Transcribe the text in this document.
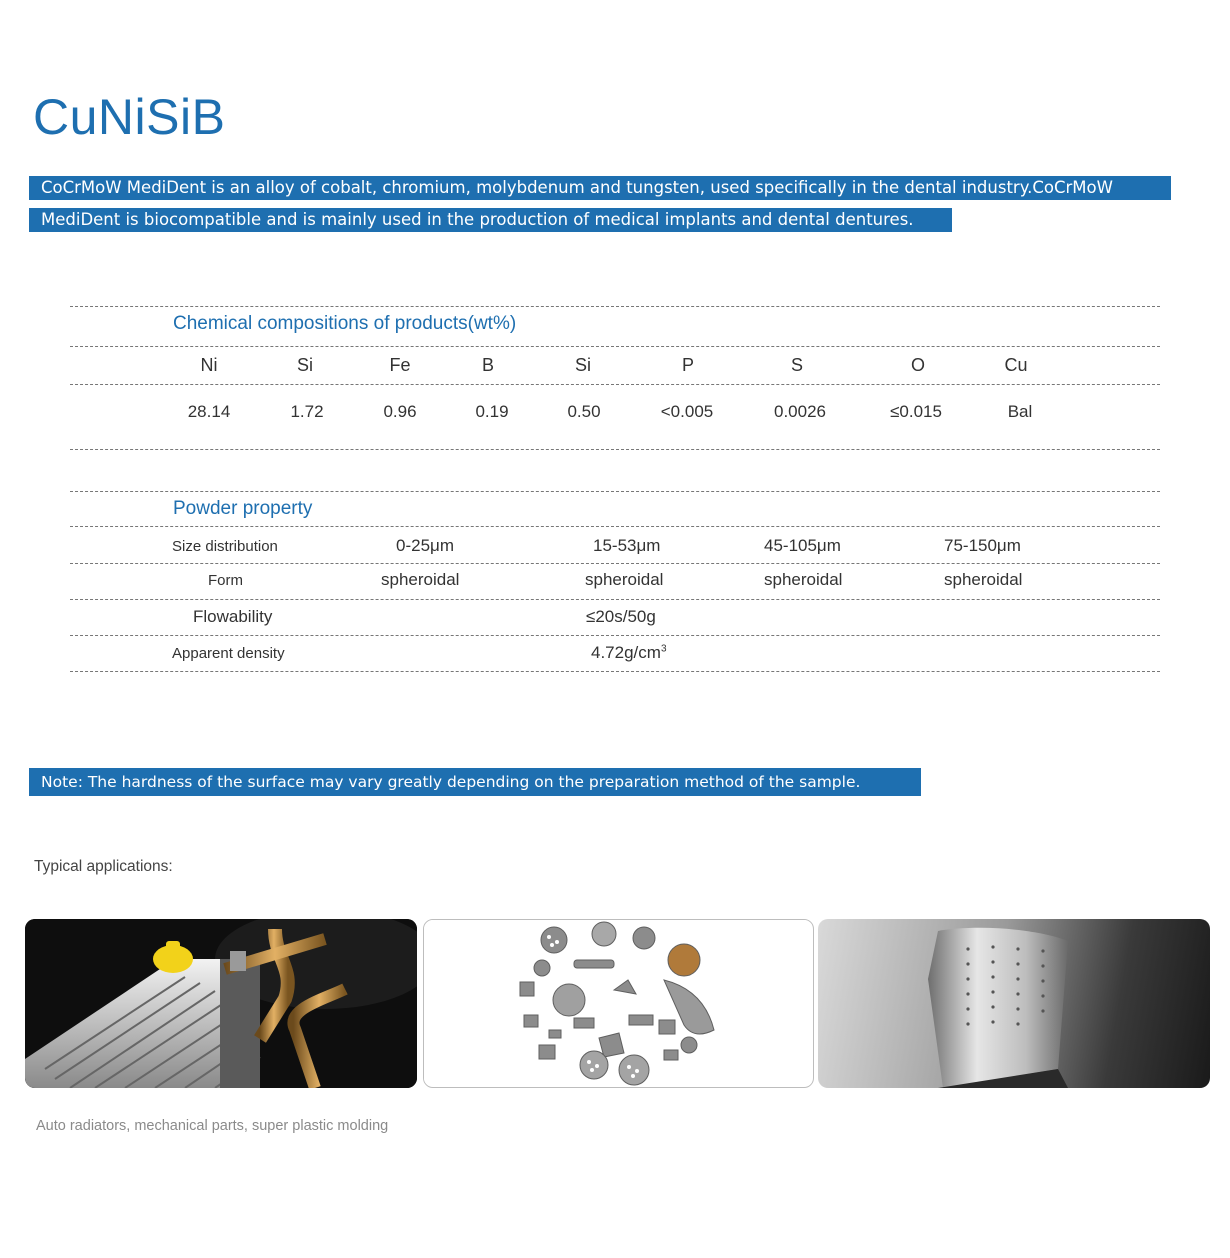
CuNiSiB
CoCrMoW MediDent is an alloy of cobalt, chromium, molybdenum and tungsten, used specifically in the dental industry.CoCrMoW
MediDent is biocompatible and is mainly used in the production of medical implants and dental dentures.
Chemical compositions of products(wt%)
Ni	Si	Fe	B	Si	P	S	O	Cu
28.14	1.72	0.96	0.19	0.50	<0.005	0.0026	≤0.015	Bal
Powder property
Size distribution	0-25μm	15-53μm	45-105μm	75-150μm
Form	spheroidal	spheroidal	spheroidal	spheroidal
Flowability	≤20s/50g
Apparent density	$4.72g/cm^3$
Note: The hardness of the surface may vary greatly depending on the preparation method of the sample.
Typical applications:
Auto radiators, mechanical parts, super plastic molding
